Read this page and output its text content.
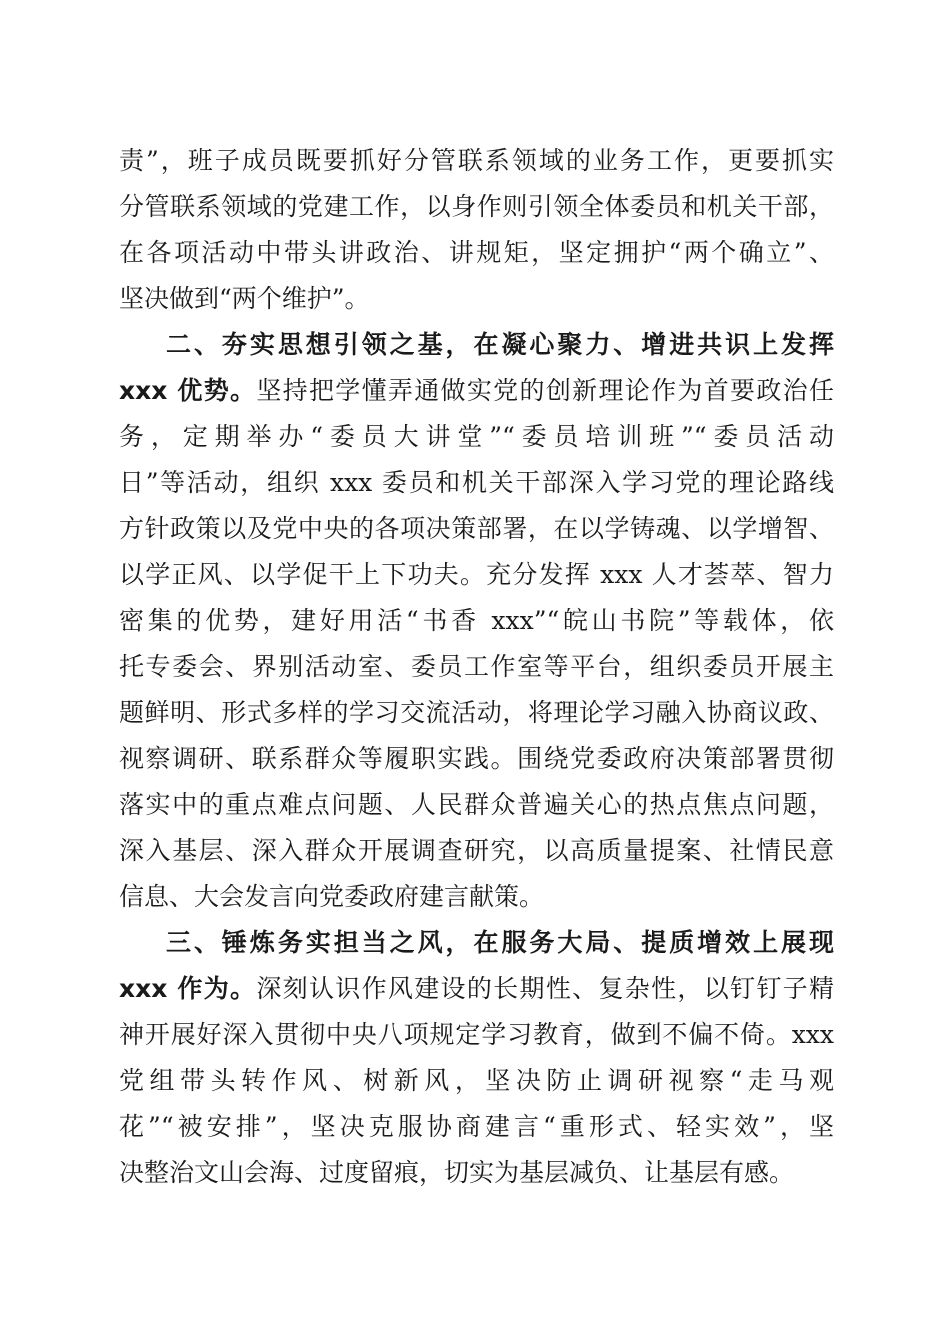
责”，班子成员既要抓好分管联系领域的业务工作，更要抓实

分管联系领域的党建工作，以身作则引领全体委员和机关干部，

在各项活动中带头讲政治、讲规矩，坚定拥护“两个确立”、

坚决做到“两个维护”。

二、夯实思想引领之基，在凝心聚力、增进共识上发挥

xxx 优势。坚持把学懂弄通做实党的创新理论作为首要政治任

务，定期举办“委员大讲堂”“委员培训班”“委员活动

日”等活动，组织 xxx 委员和机关干部深入学习党的理论路线

方针政策以及党中央的各项决策部署，在以学铸魂、以学增智、

以学正风、以学促干上下功夫。充分发挥 xxx 人才荟萃、智力

密集的优势，建好用活“书香 xxx”“皖山书院”等载体，依

托专委会、界别活动室、委员工作室等平台，组织委员开展主

题鲜明、形式多样的学习交流活动，将理论学习融入协商议政、

视察调研、联系群众等履职实践。围绕党委政府决策部署贯彻

落实中的重点难点问题、人民群众普遍关心的热点焦点问题，

深入基层、深入群众开展调查研究，以高质量提案、社情民意

信息、大会发言向党委政府建言献策。

三、锤炼务实担当之风，在服务大局、提质增效上展现

xxx 作为。深刻认识作风建设的长期性、复杂性，以钉钉子精

神开展好深入贯彻中央八项规定学习教育，做到不偏不倚。xxx

党组带头转作风、树新风，坚决防止调研视察“走马观

花”“被安排”，坚决克服协商建言“重形式、轻实效”，坚

决整治文山会海、过度留痕，切实为基层减负、让基层有感。
